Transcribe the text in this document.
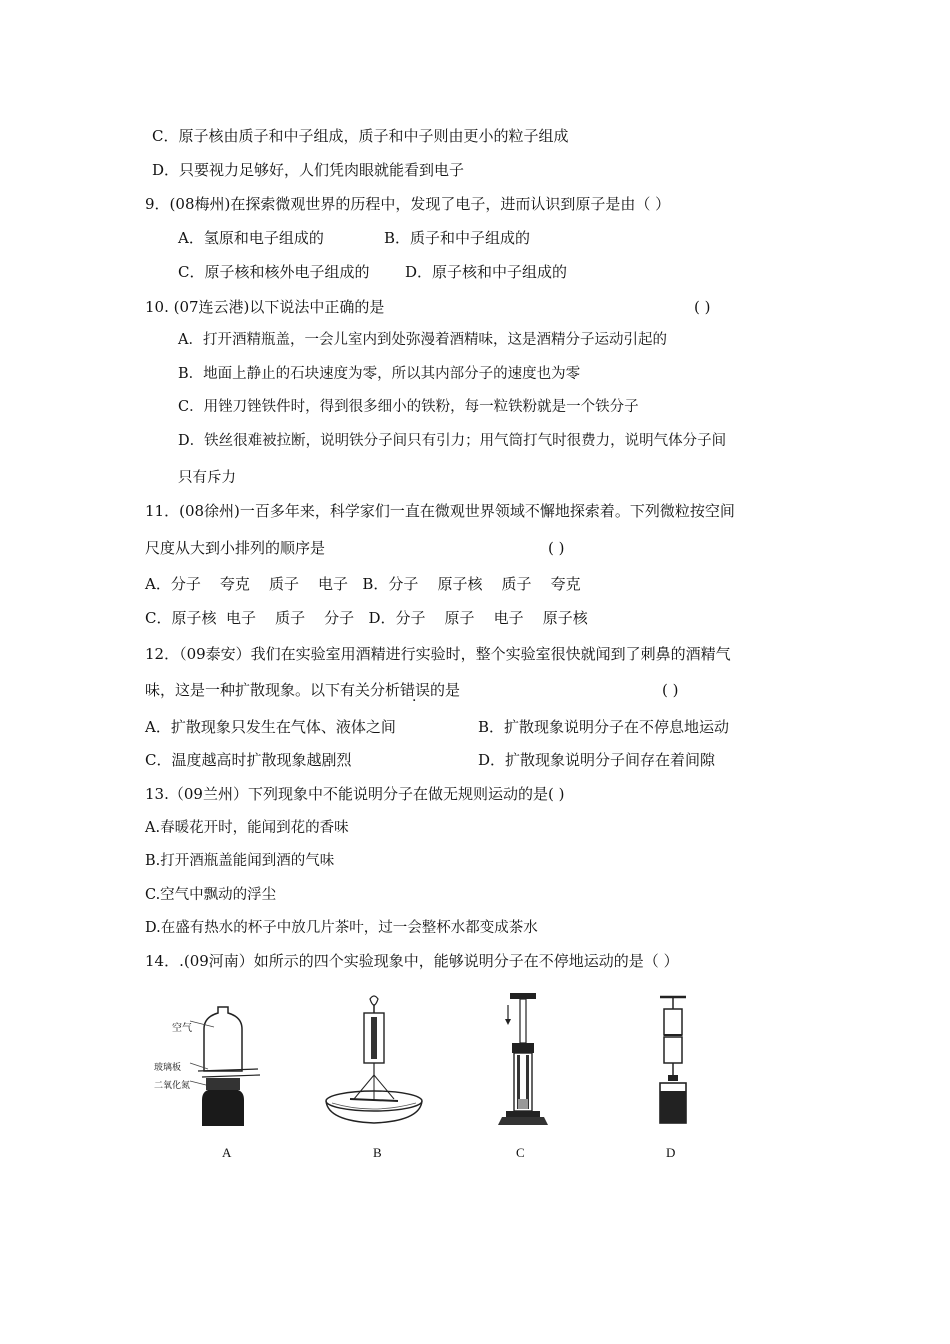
C．原子核由质子和中子组成，质子和中子则由更小的粒子组成
D．只要视力足够好，人们凭肉眼就能看到电子
9．(08梅州)在探索微观世界的历程中，发现了电子，进而认识到原子是由（ ）
A．氢原和电子组成的	B．质子和中子组成的
C．原子核和核外电子组成的 D．原子核和中子组成的
10. (07连云港)以下说法中正确的是	( )
A．打开酒精瓶盖，一会儿室内到处弥漫着酒精味，这是酒精分子运动引起的
B．地面上静止的石块速度为零，所以其内部分子的速度也为零
C．用锉刀锉铁件时，得到很多细小的铁粉，每一粒铁粉就是一个铁分子
D．铁丝很难被拉断，说明铁分子间只有引力；用气筒打气时很费力，说明气体分子间
只有斥力
11．(08徐州)一百多年来，科学家们一直在微观世界领域不懈地探索着。下列微粒按空间
尺度从大到小排列的顺序是	( )
A．分子    夸克    质子    电子   B．分子    原子核    质子    夸克
C．原子核  电子    质子    分子   D．分子    原子    电子    原子核
12．（09泰安）我们在实验室用酒精进行实验时，整个实验室很快就闻到了刺鼻的酒精气
味，这是一种扩散现象。以下有关分析错误的是	( )
A．扩散现象只发生在气体、液体之间	B．扩散现象说明分子在不停息地运动
C．温度越高时扩散现象越剧烈	D．扩散现象说明分子间存在着间隙
13.（09兰州）下列现象中不能说明分子在做无规则运动的是( )
A.春暖花开时，能闻到花的香味
B.打开酒瓶盖能闻到酒的气味
C.空气中飘动的浮尘
D.在盛有热水的杯子中放几片茶叶，过一会整杯水都变成茶水
14．.(09河南）如所示的四个实验现象中，能够说明分子在不停地运动的是（ ）
空气
玻璃板
二氧化氮
A	B	C	D
